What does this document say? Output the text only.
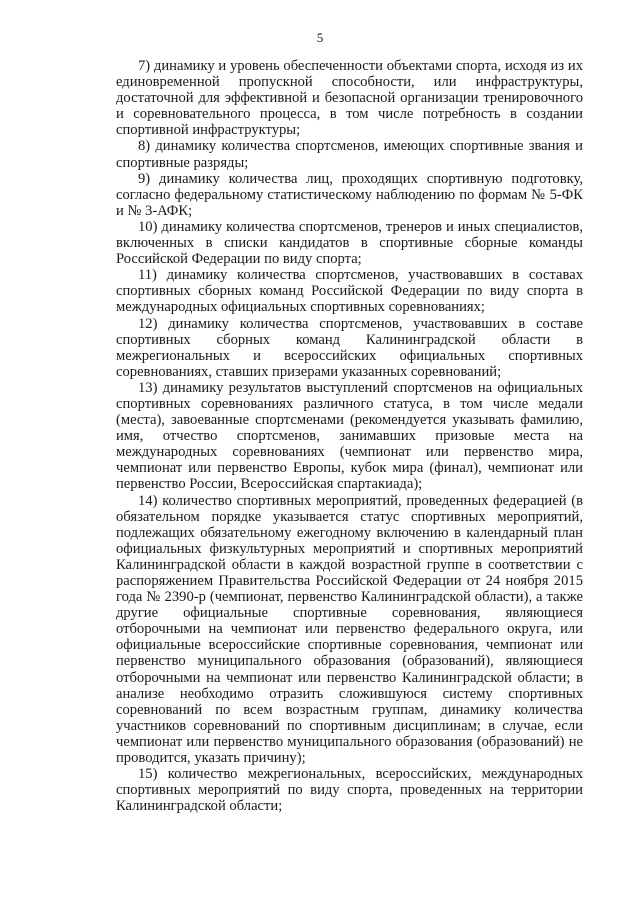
5

7) динамику и уровень обеспеченности объектами спорта, исходя из их единовременной пропускной способности, или инфраструктуры, достаточной для эффективной и безопасной организации тренировочного и соревновательного процесса, в том числе потребность в создании спортивной инфраструктуры;

8) динамику количества спортсменов, имеющих спортивные звания и спортивные разряды;

9) динамику количества лиц, проходящих спортивную подготовку, согласно федеральному статистическому наблюдению по формам № 5-ФК и № 3-АФК;

10) динамику количества спортсменов, тренеров и иных специалистов, включенных в списки кандидатов в спортивные сборные команды Российской Федерации по виду спорта;

11) динамику количества спортсменов, участвовавших в составах спортивных сборных команд Российской Федерации по виду спорта в международных официальных спортивных соревнованиях;

12) динамику количества спортсменов, участвовавших в составе спортивных сборных команд Калининградской области в межрегиональных и всероссийских официальных спортивных соревнованиях, ставших призерами указанных соревнований;

13) динамику результатов выступлений спортсменов на официальных спортивных соревнованиях различного статуса, в том числе медали (места), завоеванные спортсменами (рекомендуется указывать фамилию, имя, отчество спортсменов, занимавших призовые места на международных соревнованиях (чемпионат или первенство мира, чемпионат или первенство Европы, кубок мира (финал), чемпионат или первенство России, Всероссийская спартакиада);

14) количество спортивных мероприятий, проведенных федерацией (в обязательном порядке указывается статус спортивных мероприятий, подлежащих обязательному ежегодному включению в календарный план официальных физкультурных мероприятий и спортивных мероприятий Калининградской области в каждой возрастной группе в соответствии с распоряжением Правительства Российской Федерации от 24 ноября 2015 года № 2390-р (чемпионат, первенство Калининградской области), а также другие официальные спортивные соревнования, являющиеся отборочными на чемпионат или первенство федерального округа, или официальные всероссийские спортивные соревнования, чемпионат или первенство муниципального образования (образований), являющиеся отборочными на чемпионат или первенство Калининградской области; в анализе необходимо отразить сложившуюся систему спортивных соревнований по всем возрастным группам, динамику количества участников соревнований по спортивным дисциплинам; в случае, если чемпионат или первенство муниципального образования (образований) не проводится, указать причину);

15) количество межрегиональных, всероссийских, международных спортивных мероприятий по виду спорта, проведенных на территории Калининградской области;
